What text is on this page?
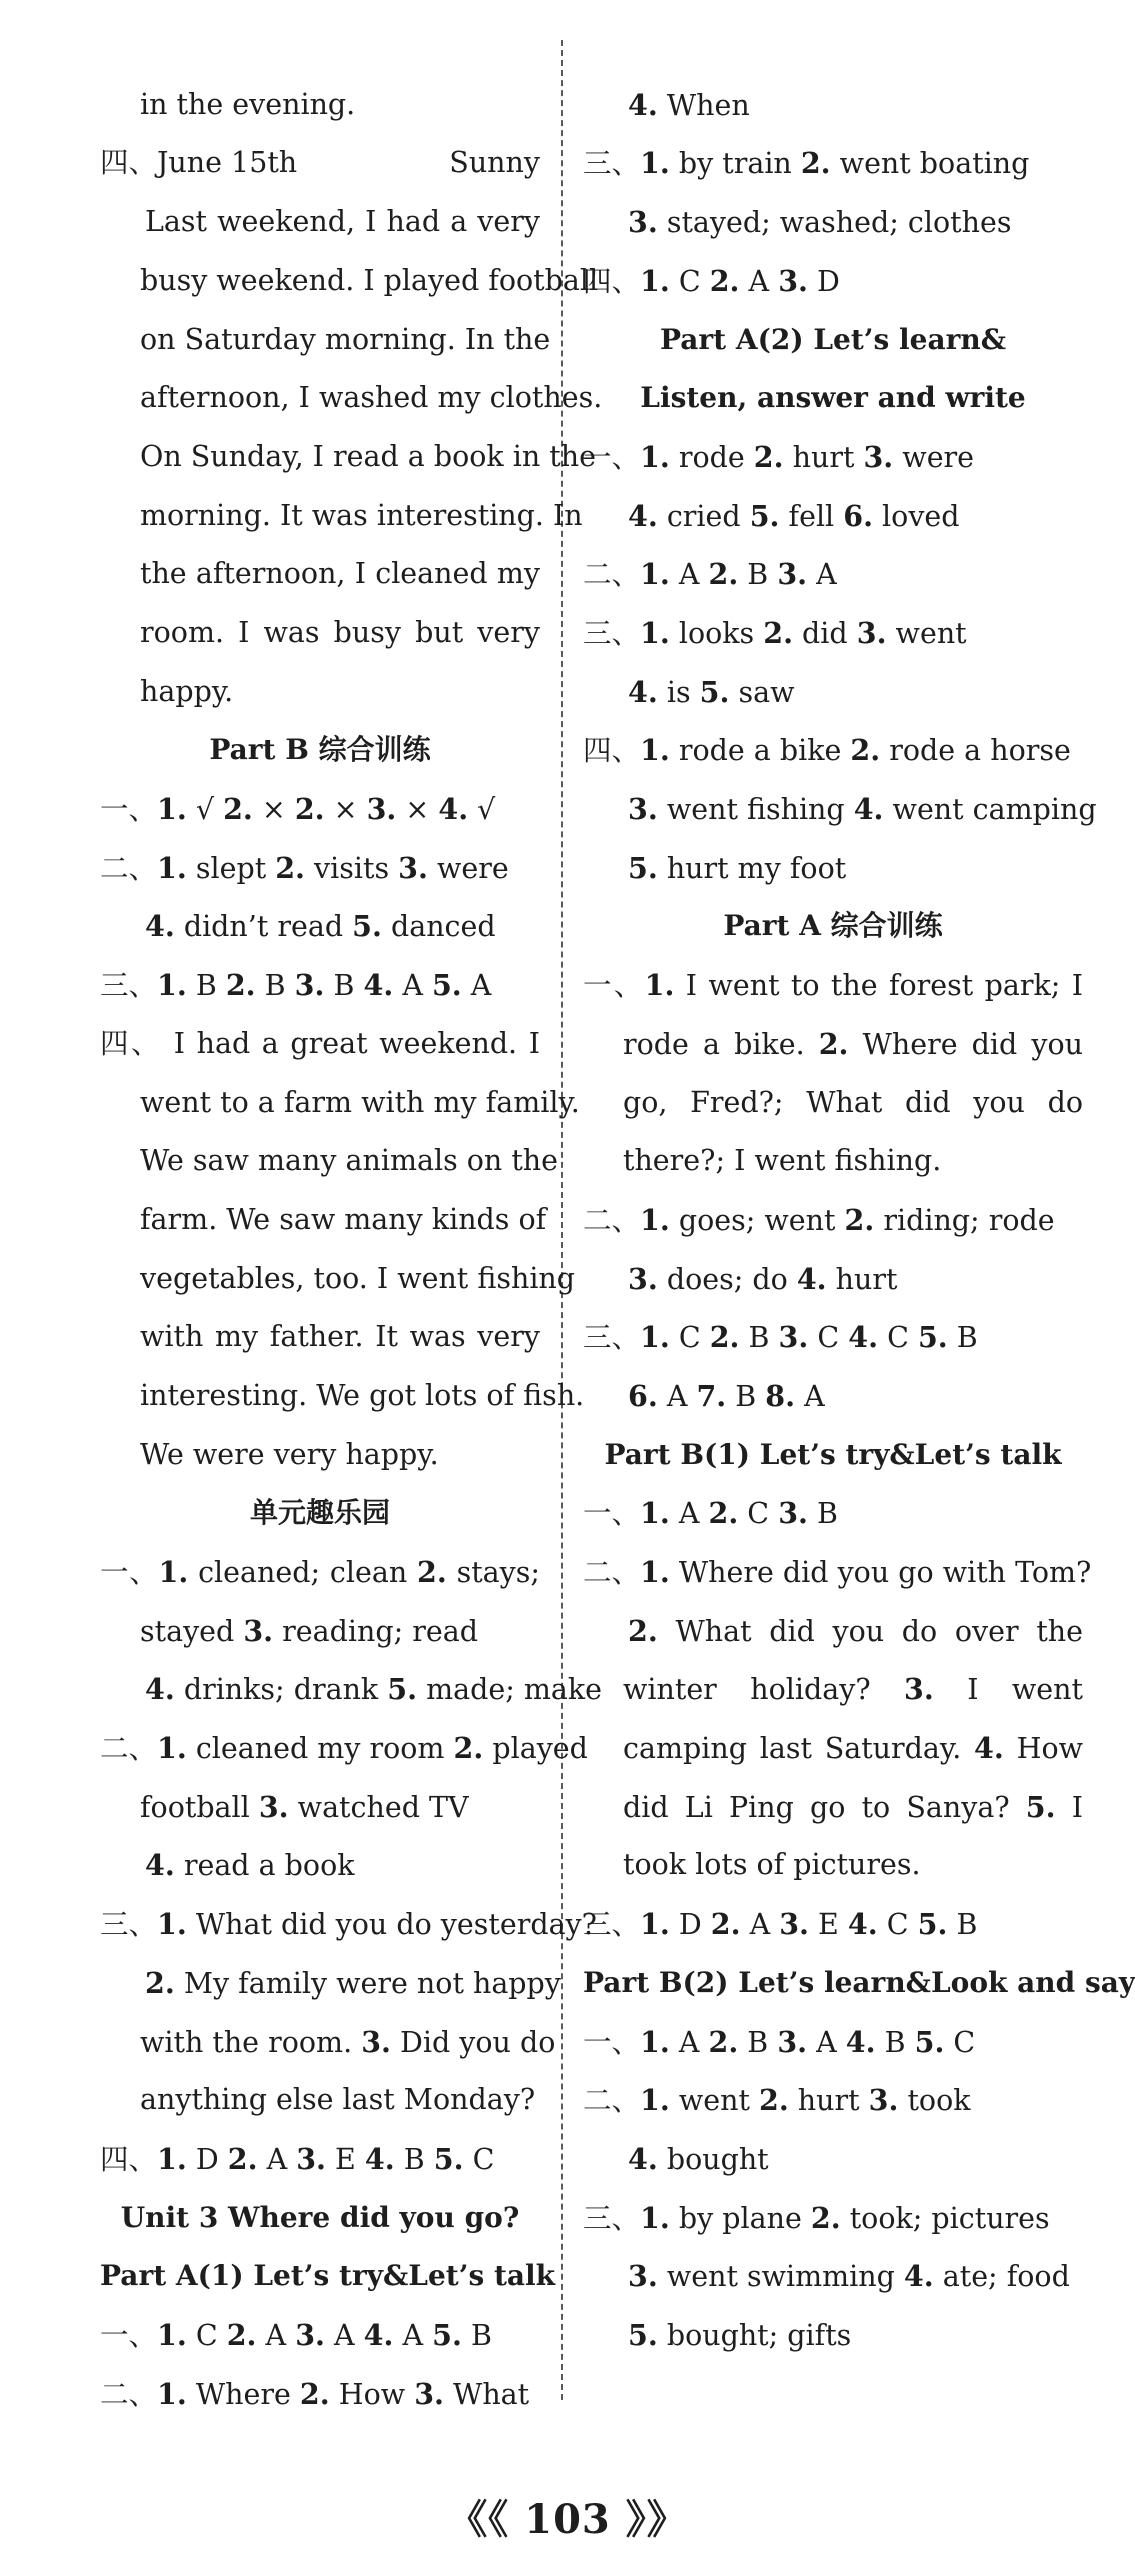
in the evening.
四、June 15th	Sunny
Last weekend, I had a very
busy weekend. I played football
on Saturday morning. In the
afternoon, I washed my clothes.
On Sunday, I read a book in the
morning. It was interesting. In
the afternoon, I cleaned my
room. I was busy but very
happy.
Part B 综合训练
一、1. √ 2. × 2. × 3. × 4. √
二、1. slept 2. visits 3. were
4. didn’t read 5. danced
三、1. B 2. B 3. B 4. A 5. A
四、 I had a great weekend. I
went to a farm with my family.
We saw many animals on the
farm. We saw many kinds of
vegetables, too. I went fishing
with my father. It was very
interesting. We got lots of fish.
We were very happy.
单元趣乐园
一、1. cleaned; clean 2. stays;
stayed 3. reading; read
4. drinks; drank 5. made; make
二、1. cleaned my room 2. played
football 3. watched TV
4. read a book
三、1. What did you do yesterday?
2. My family were not happy
with the room. 3. Did you do
anything else last Monday?
四、1. D 2. A 3. E 4. B 5. C
Unit 3 Where did you go?
Part A(1) Let’s try&Let’s talk
一、1. C 2. A 3. A 4. A 5. B
二、1. Where 2. How 3. What
4. When
三、1. by train 2. went boating
3. stayed; washed; clothes
四、1. C 2. A 3. D
Part A(2) Let’s learn&
Listen, answer and write
一、1. rode 2. hurt 3. were
4. cried 5. fell 6. loved
二、1. A 2. B 3. A
三、1. looks 2. did 3. went
4. is 5. saw
四、1. rode a bike 2. rode a horse
3. went fishing 4. went camping
5. hurt my foot
Part A 综合训练
一、1. I went to the forest park; I
rode a bike. 2. Where did you
go, Fred?; What did you do
there?; I went fishing.
二、1. goes; went 2. riding; rode
3. does; do 4. hurt
三、1. C 2. B 3. C 4. C 5. B
6. A 7. B 8. A
Part B(1) Let’s try&Let’s talk
一、1. A 2. C 3. B
二、1. Where did you go with Tom?
2. What did you do over the
winter holiday? 3. I went
camping last Saturday. 4. How
did Li Ping go to Sanya? 5. I
took lots of pictures.
三、1. D 2. A 3. E 4. C 5. B
Part B(2) Let’s learn&Look and say
一、1. A 2. B 3. A 4. B 5. C
二、1. went 2. hurt 3. took
4. bought
三、1. by plane 2. took; pictures
3. went swimming 4. ate; food
5. bought; gifts
《《 103 》》
